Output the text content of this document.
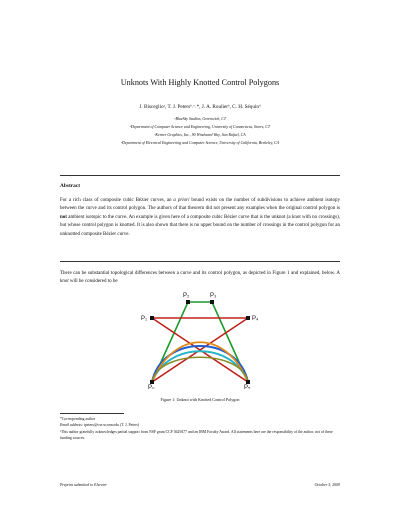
Unknots With Highly Knotted Control Polygons
J. Bisceglioᵃ, T. J. Petersᵇ˒ᶜ˒*, J. A. Roulierᵇ, C. H. Séquinᵈ
ᵃBlueSky Studios, Greenwich, CT
ᵇDepartment of Computer Science and Engineering, University of Connecticut, Storrs, CT
ᶜKerner Graphics, Inc., 90 Windward Way, San Rafael, CA
ᵈDepartment of Electrical Engineering and Computer Science, University of California, Berkeley, CA
Abstract
For a rich class of composite cubic Bézier curves, an a priori bound exists on the number of subdivisions to achieve ambient isotopy between the curve and its control polygon. The authors of that theorem did not present any examples when the original control polygon is not ambient isotopic to the curve. An example is given here of a composite cubic Bézier curve that is the unknot (a knot with no crossings), but whose control polygon is knotted. It is also shown that there is no upper bound on the number of crossings in the control polygon for an unknotted composite Bézier curve.
There can be substantial topological differences between a curve and its control polygon, as depicted in Figure 1 and explained, below. A knot will be considered to be
P₀
P₁
P₂	P₃
P₄
P₅
Figure 1: Unknot with Knotted Control Polygon
*Corresponding author
Email address: tpeters@cse.uconn.edu (T. J. Peters)
¹This author gratefully acknowledges partial support from NSF grant CCF 0429477 and an IBM Faculty Award. All statements here are the responsibility of the author, not of these funding sources.
Preprint submitted to Elsevier	October 5, 2009
